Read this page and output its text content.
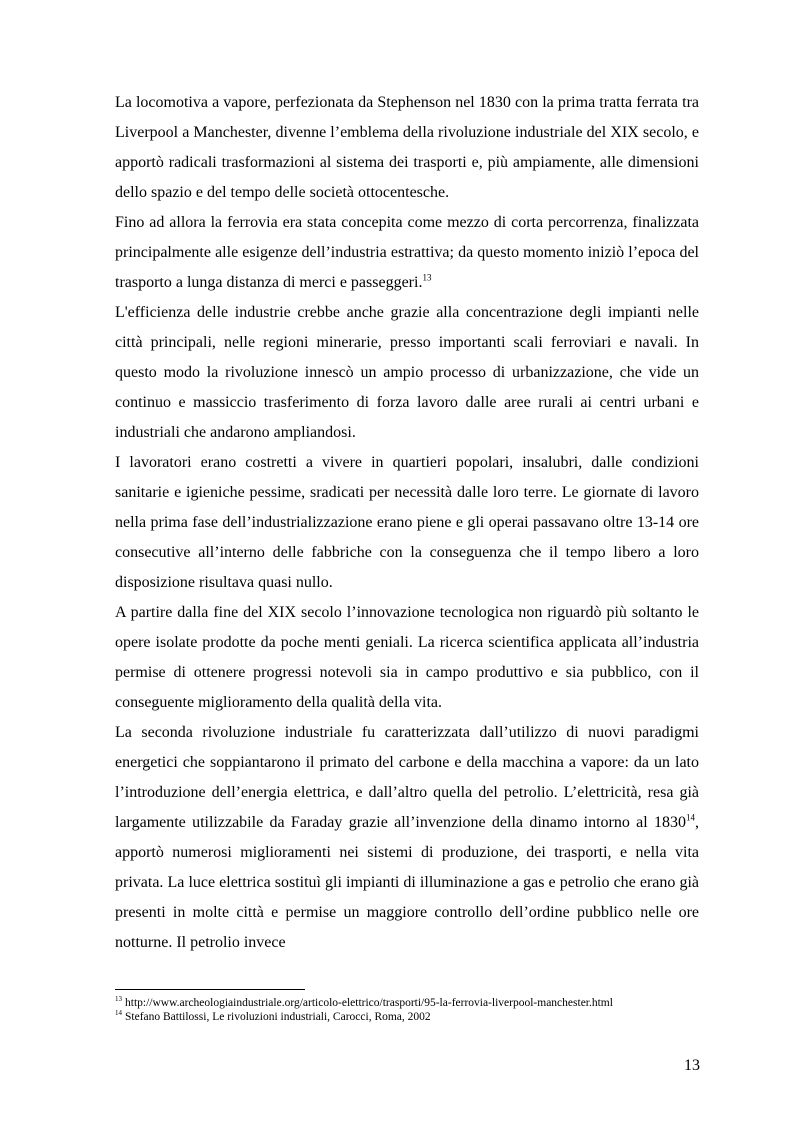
La locomotiva a vapore, perfezionata da Stephenson nel 1830 con la prima tratta ferrata tra Liverpool a Manchester, divenne l’emblema della rivoluzione industriale del XIX secolo, e apportò radicali trasformazioni al sistema dei trasporti e, più ampiamente, alle dimensioni dello spazio e del tempo delle società ottocentesche.

Fino ad allora la ferrovia era stata concepita come mezzo di corta percorrenza, finalizzata principalmente alle esigenze dell’industria estrattiva; da questo momento iniziò l’epoca del trasporto a lunga distanza di merci e passeggeri.$^{13}$

L'efficienza delle industrie crebbe anche grazie alla concentrazione degli impianti nelle città principali, nelle regioni minerarie, presso importanti scali ferroviari e navali. In questo modo la rivoluzione innescò un ampio processo di urbanizzazione, che vide un continuo e massiccio trasferimento di forza lavoro dalle aree rurali ai centri urbani e industriali che andarono ampliandosi.

I lavoratori erano costretti a vivere in quartieri popolari, insalubri, dalle condizioni sanitarie e igieniche pessime, sradicati per necessità dalle loro terre. Le giornate di lavoro nella prima fase dell’industrializzazione erano piene e gli operai passavano oltre 13-14 ore consecutive all’interno delle fabbriche con la conseguenza che il tempo libero a loro disposizione risultava quasi nullo.

A partire dalla fine del XIX secolo l’innovazione tecnologica non riguardò più soltanto le opere isolate prodotte da poche menti geniali. La ricerca scientifica applicata all’industria permise di ottenere progressi notevoli sia in campo produttivo e sia pubblico, con il conseguente miglioramento della qualità della vita.

La seconda rivoluzione industriale fu caratterizzata dall’utilizzo di nuovi paradigmi energetici che soppiantarono il primato del carbone e della macchina a vapore: da un lato l’introduzione dell’energia elettrica, e dall’altro quella del petrolio. L’elettricità, resa già largamente utilizzabile da Faraday grazie all’invenzione della dinamo intorno al 1830$^{14}$, apportò numerosi miglioramenti nei sistemi di produzione, dei trasporti, e nella vita privata. La luce elettrica sostituì gli impianti di illuminazione a gas e petrolio che erano già presenti in molte città e permise un maggiore controllo dell’ordine pubblico nelle ore notturne. Il petrolio invece

$^{13}$ http://www.archeologiaindustriale.org/articolo-elettrico/trasporti/95-la-ferrovia-liverpool-manchester.html
$^{14}$ Stefano Battilossi, Le rivoluzioni industriali, Carocci, Roma, 2002
13
